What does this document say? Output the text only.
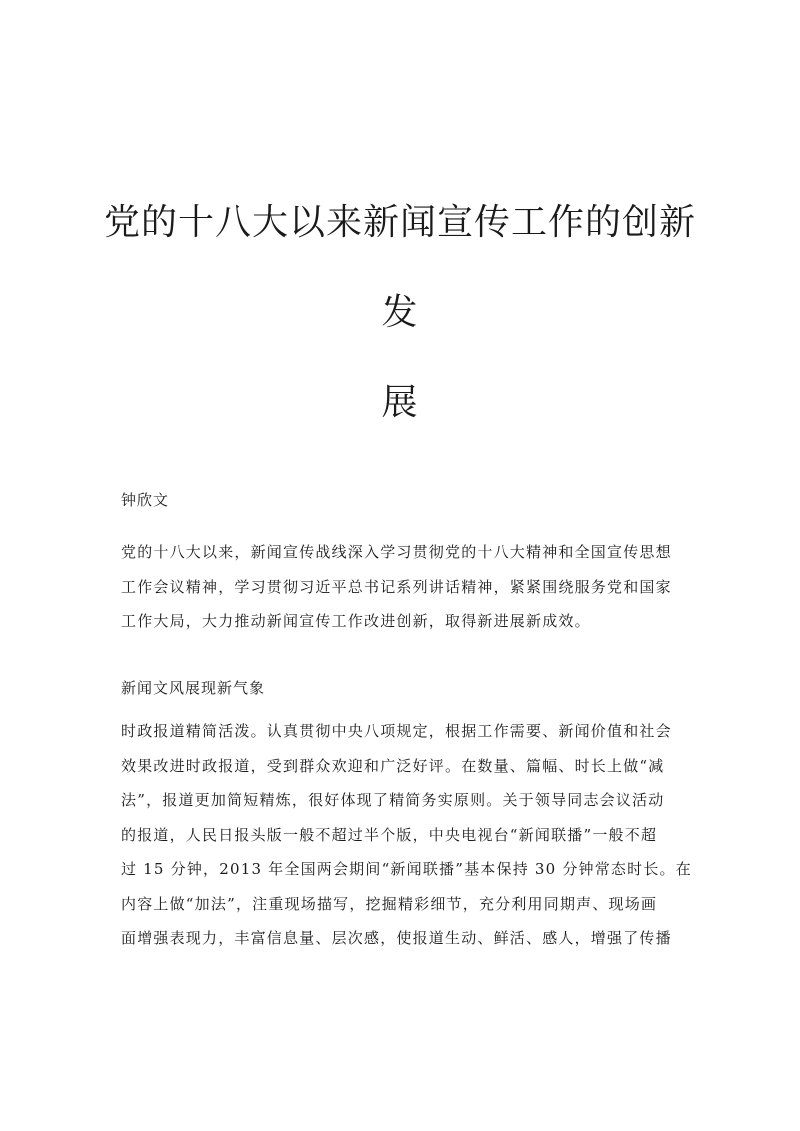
党的十八大以来新闻宣传工作的创新发
展
钟欣文

党的十八大以来，新闻宣传战线深入学习贯彻党的十八大精神和全国宣传思想
工作会议精神，学习贯彻习近平总书记系列讲话精神，紧紧围绕服务党和国家
工作大局，大力推动新闻宣传工作改进创新，取得新进展新成效。

新闻文风展现新气象

时政报道精简活泼。认真贯彻中央八项规定，根据工作需要、新闻价值和社会
效果改进时政报道，受到群众欢迎和广泛好评。在数量、篇幅、时长上做“减
法”，报道更加简短精炼，很好体现了精简务实原则。关于领导同志会议活动
的报道，人民日报头版一般不超过半个版，中央电视台“新闻联播”一般不超
过 15 分钟，2013 年全国两会期间“新闻联播”基本保持 30 分钟常态时长。在
内容上做“加法”，注重现场描写，挖掘精彩细节，充分利用同期声、现场画
面增强表现力，丰富信息量、层次感，使报道生动、鲜活、感人，增强了传播
